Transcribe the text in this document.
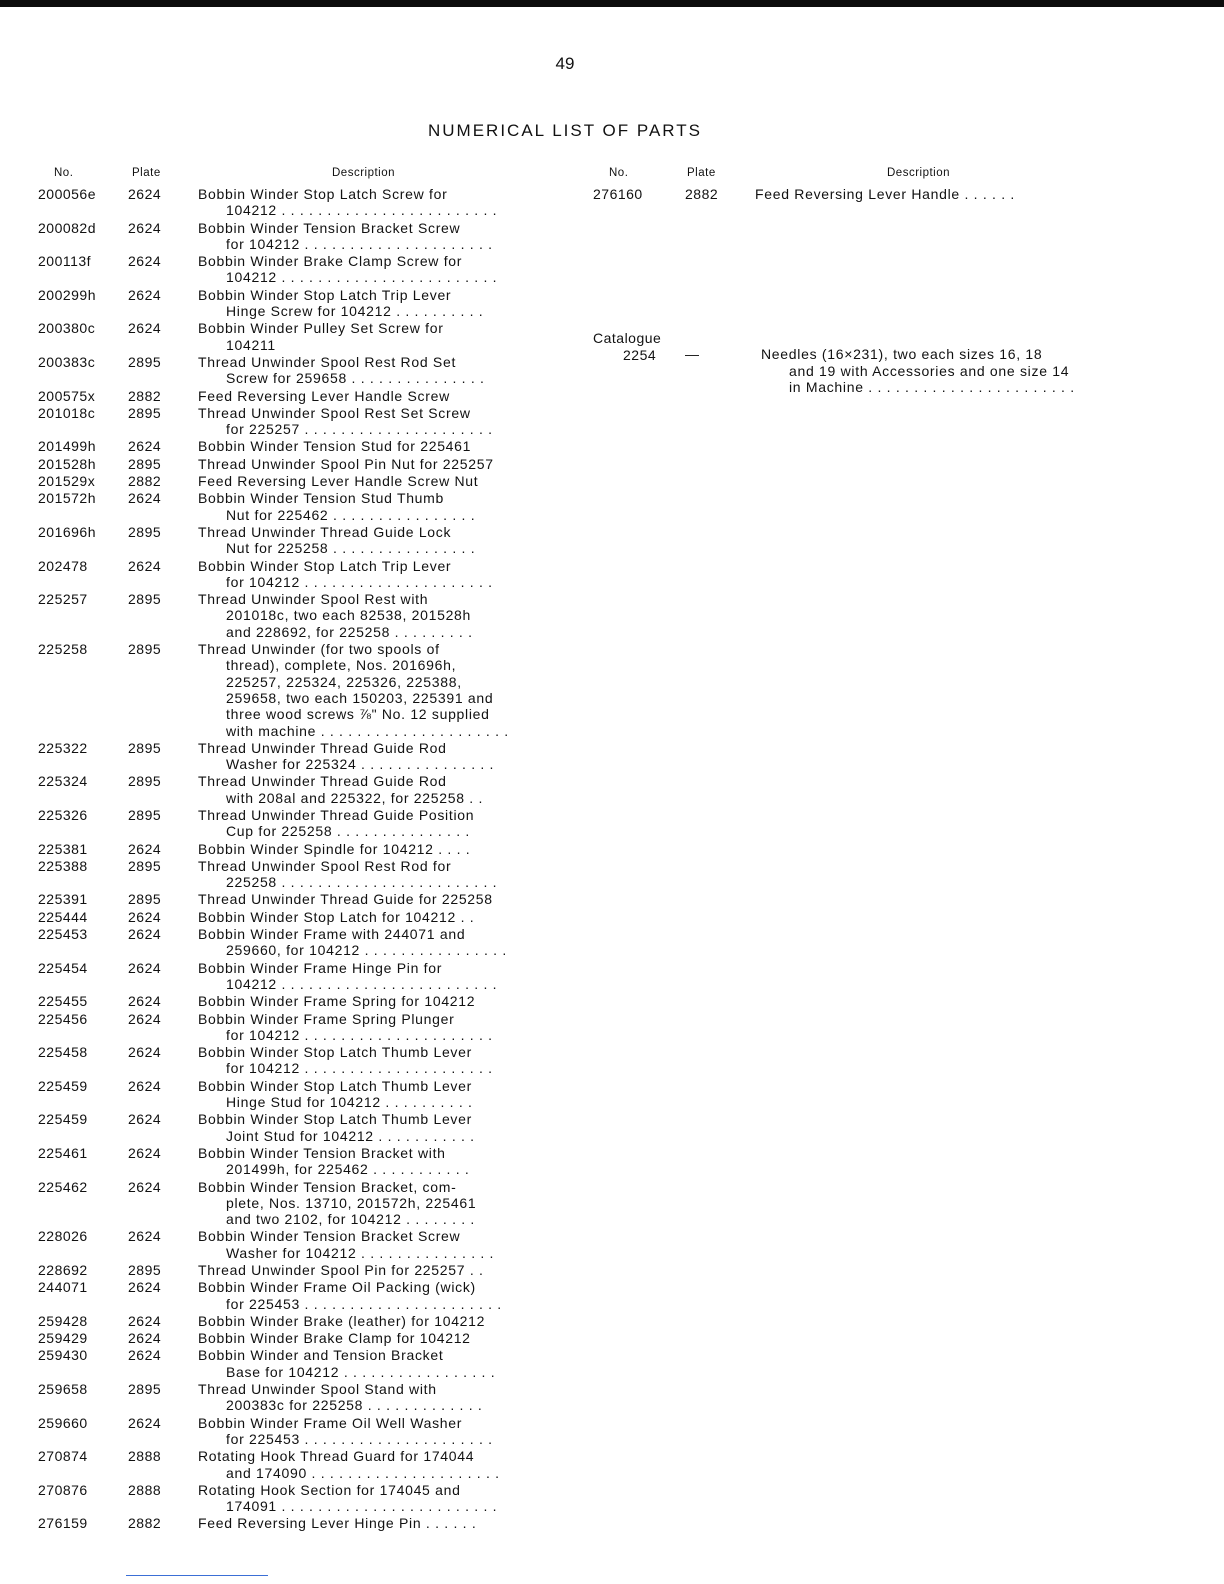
49
NUMERICAL LIST OF PARTS
No.	Plate	Description
200056e	2624	Bobbin Winder Stop Latch Screw for
104212 . . . . . . . . . . . . . . . . . . . . . . . .
200082d	2624	Bobbin Winder Tension Bracket Screw
for 104212 . . . . . . . . . . . . . . . . . . . . .
200113f	2624	Bobbin Winder Brake Clamp Screw for
104212 . . . . . . . . . . . . . . . . . . . . . . . .
200299h	2624	Bobbin Winder Stop Latch Trip Lever
Hinge Screw for 104212 . . . . . . . . . .
200380c	2624	Bobbin Winder Pulley Set Screw for
104211
200383c	2895	Thread Unwinder Spool Rest Rod Set
Screw for 259658 . . . . . . . . . . . . . . .
200575x	2882	Feed Reversing Lever Handle Screw
201018c	2895	Thread Unwinder Spool Rest Set Screw
for 225257 . . . . . . . . . . . . . . . . . . . . .
201499h	2624	Bobbin Winder Tension Stud for 225461
201528h	2895	Thread Unwinder Spool Pin Nut for 225257
201529x	2882	Feed Reversing Lever Handle Screw Nut
201572h	2624	Bobbin Winder Tension Stud Thumb
Nut for 225462 . . . . . . . . . . . . . . . .
201696h	2895	Thread Unwinder Thread Guide Lock
Nut for 225258 . . . . . . . . . . . . . . . .
202478	2624	Bobbin Winder Stop Latch Trip Lever
for 104212 . . . . . . . . . . . . . . . . . . . . .
225257	2895	Thread Unwinder Spool Rest with
201018c, two each 82538, 201528h
and 228692, for 225258 . . . . . . . . .
225258	2895	Thread Unwinder (for two spools of
thread), complete, Nos. 201696h,
225257, 225324, 225326, 225388,
259658, two each 150203, 225391 and
three wood screws ⅞" No. 12 supplied
with machine . . . . . . . . . . . . . . . . . . . . .
225322	2895	Thread Unwinder Thread Guide Rod
Washer for 225324 . . . . . . . . . . . . . . .
225324	2895	Thread Unwinder Thread Guide Rod
with 208al and 225322, for 225258 . .
225326	2895	Thread Unwinder Thread Guide Position
Cup for 225258 . . . . . . . . . . . . . . .
225381	2624	Bobbin Winder Spindle for 104212 . . . .
225388	2895	Thread Unwinder Spool Rest Rod for
225258 . . . . . . . . . . . . . . . . . . . . . . . .
225391	2895	Thread Unwinder Thread Guide for 225258
225444	2624	Bobbin Winder Stop Latch for 104212 . .
225453	2624	Bobbin Winder Frame with 244071 and
259660, for 104212 . . . . . . . . . . . . . . . .
225454	2624	Bobbin Winder Frame Hinge Pin for
104212 . . . . . . . . . . . . . . . . . . . . . . . .
225455	2624	Bobbin Winder Frame Spring for 104212
225456	2624	Bobbin Winder Frame Spring Plunger
for 104212 . . . . . . . . . . . . . . . . . . . . .
225458	2624	Bobbin Winder Stop Latch Thumb Lever
for 104212 . . . . . . . . . . . . . . . . . . . . .
225459	2624	Bobbin Winder Stop Latch Thumb Lever
Hinge Stud for 104212 . . . . . . . . . .
225459	2624	Bobbin Winder Stop Latch Thumb Lever
Joint Stud for 104212 . . . . . . . . . . .
225461	2624	Bobbin Winder Tension Bracket with
201499h, for 225462 . . . . . . . . . . .
225462	2624	Bobbin Winder Tension Bracket, com-
plete, Nos. 13710, 201572h, 225461
and two 2102, for 104212 . . . . . . . .
228026	2624	Bobbin Winder Tension Bracket Screw
Washer for 104212 . . . . . . . . . . . . . . .
228692	2895	Thread Unwinder Spool Pin for 225257 . .
244071	2624	Bobbin Winder Frame Oil Packing (wick)
for 225453 . . . . . . . . . . . . . . . . . . . . . .
259428	2624	Bobbin Winder Brake (leather) for 104212
259429	2624	Bobbin Winder Brake Clamp for 104212
259430	2624	Bobbin Winder and Tension Bracket
Base for 104212 . . . . . . . . . . . . . . . . .
259658	2895	Thread Unwinder Spool Stand with
200383c for 225258 . . . . . . . . . . . . .
259660	2624	Bobbin Winder Frame Oil Well Washer
for 225453 . . . . . . . . . . . . . . . . . . . . .
270874	2888	Rotating Hook Thread Guard for 174044
and 174090 . . . . . . . . . . . . . . . . . . . . .
270876	2888	Rotating Hook Section for 174045 and
174091 . . . . . . . . . . . . . . . . . . . . . . . .
276159	2882	Feed Reversing Lever Hinge Pin . . . . . .
No.	Plate	Description
276160	2882	Feed Reversing Lever Handle . . . . . .
Catalogue
2254	—	Needles (16×231), two each sizes 16, 18
and 19 with Accessories and one size 14
in Machine . . . . . . . . . . . . . . . . . . . . . . .
